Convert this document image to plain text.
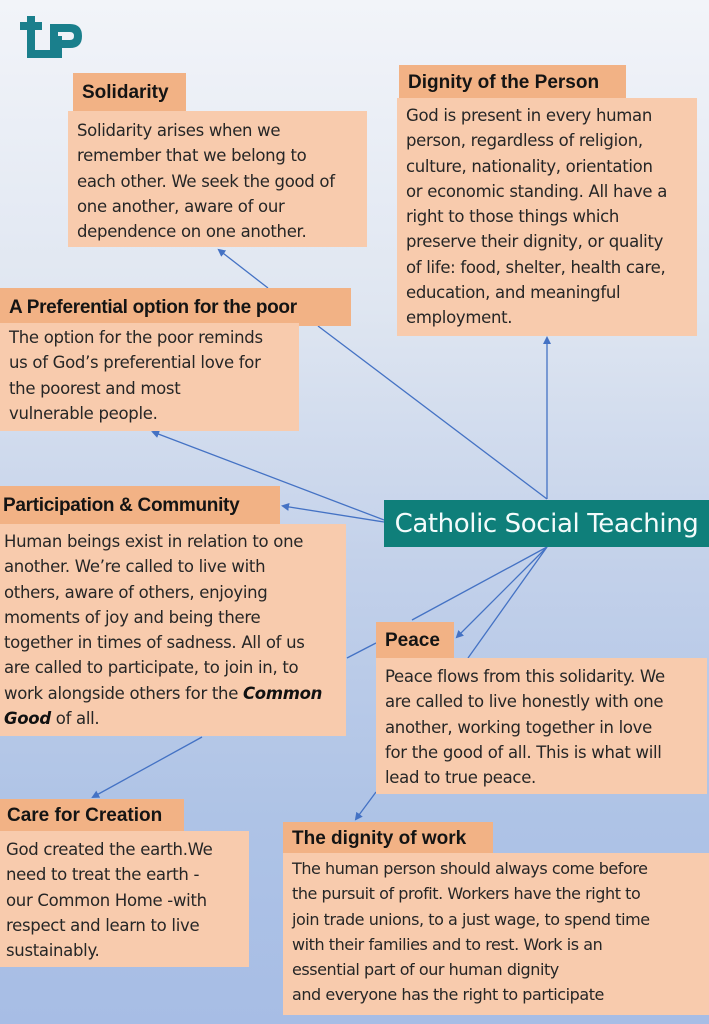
Solidarity
Solidarity arises when we
remember that we belong to
each other. We seek the good of
one another, aware of our
dependence on one another.
Dignity of the Person
God is present in every human
person, regardless of religion,
culture, nationality, orientation
or economic standing. All have a
right to those things which
preserve their dignity, or quality
of life: food, shelter, health care,
education, and meaningful
employment.
A Preferential option for the poor
The option for the poor reminds
us of God’s preferential love for
the poorest and most
vulnerable people.
Participation & Community
Human beings exist in relation to one
another. We’re called to live with
others, aware of others, enjoying
moments of joy and being there
together in times of sadness. All of us
are called to participate, to join in, to
work alongside others for the Common
Good of all.
Catholic Social Teaching
Peace
Peace flows from this solidarity. We
are called to live honestly with one
another, working together in love
for the good of all. This is what will
lead to true peace.
Care for Creation
God created the earth.We
need to treat the earth -
our Common Home -with
respect and learn to live
sustainably.
The dignity of work
The human person should always come before
the pursuit of profit. Workers have the right to
join trade unions, to a just wage, to spend time
with their families and to rest. Work is an
essential part of our human dignity
and everyone has the right to participate
